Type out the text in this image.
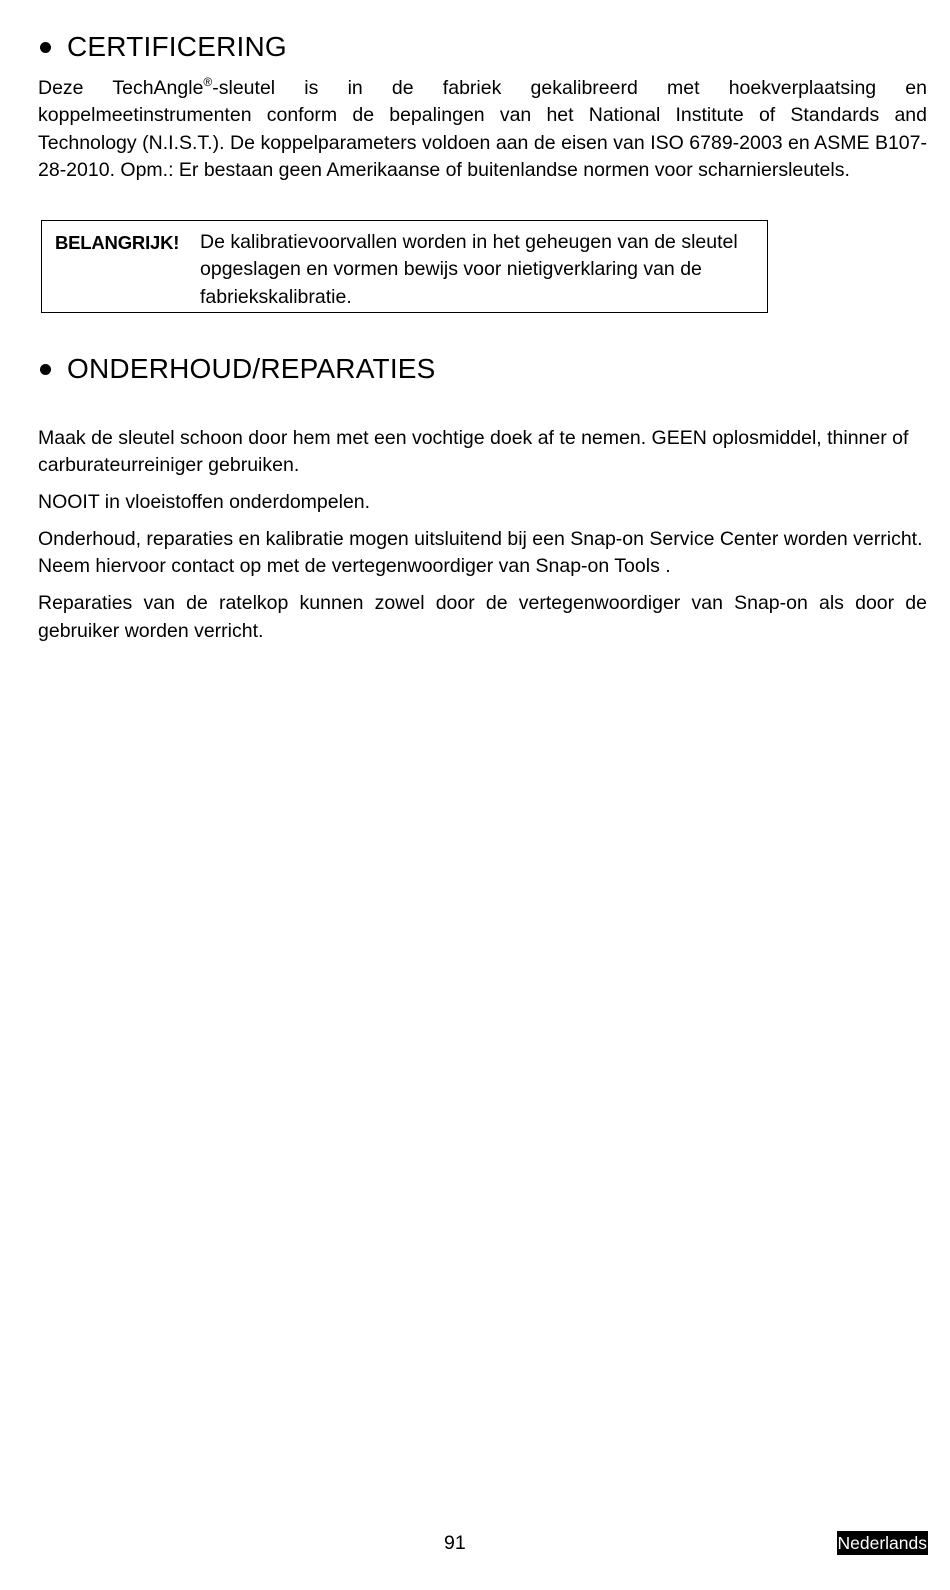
CERTIFICERING

Deze TechAngle®-sleutel is in de fabriek gekalibreerd met hoekverplaatsing en koppelmeetinstrumenten conform de bepalingen van het National Institute of Standards and Technology (N.I.S.T.). De koppelparameters voldoen aan de eisen van ISO 6789-2003 en ASME B107-28-2010. Opm.: Er bestaan geen Amerikaanse of buitenlandse normen voor scharniersleutels.

BELANGRIJK!	De kalibratievoorvallen worden in het geheugen van de sleutel opgeslagen en vormen bewijs voor nietigverklaring van de fabriekskalibratie.
ONDERHOUD/REPARATIES

Maak de sleutel schoon door hem met een vochtige doek af te nemen. GEEN oplosmiddel, thinner of carburateurreiniger gebruiken.

NOOIT in vloeistoffen onderdompelen.

Onderhoud, reparaties en kalibratie mogen uitsluitend bij een Snap-on Service Center worden verricht. Neem hiervoor contact op met de vertegenwoordiger van Snap-on Tools .

Reparaties van de ratelkop kunnen zowel door de vertegenwoordiger van Snap-on als door de gebruiker worden verricht.

91	Nederlands
